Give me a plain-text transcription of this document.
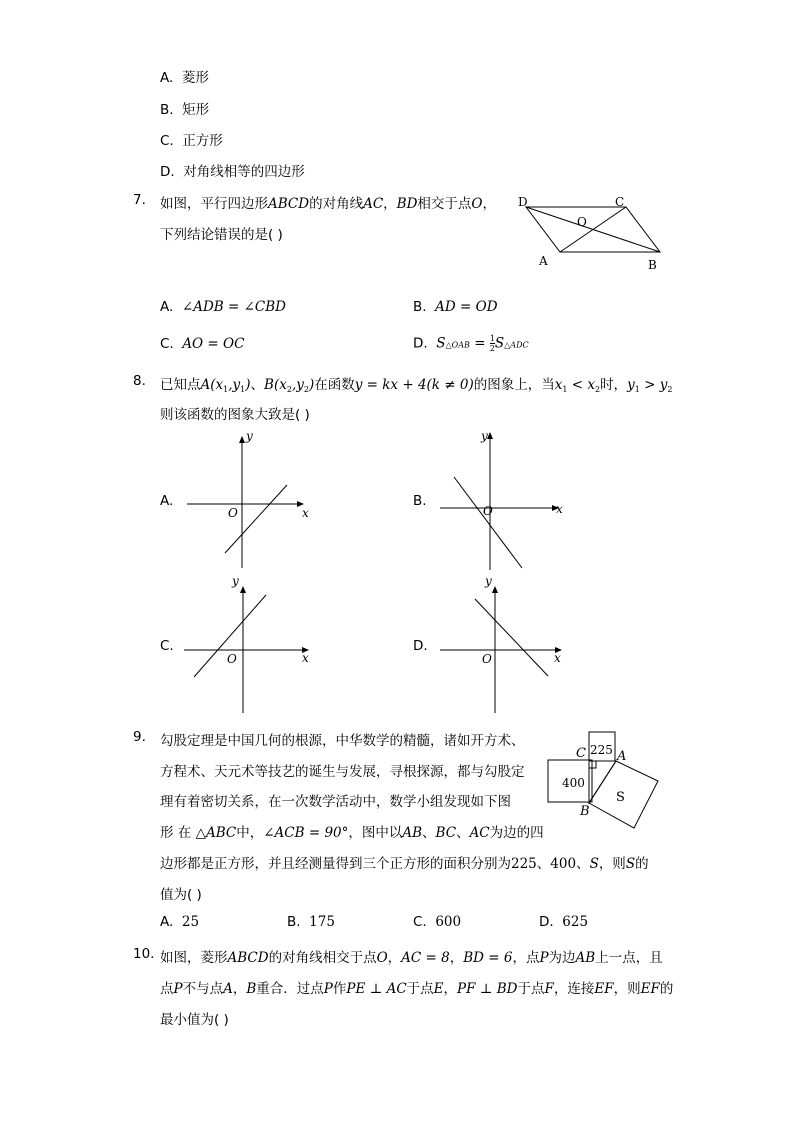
A. 菱形
B. 矩形
C. 正方形
D. 对角线相等的四边形
7. 如图，平行四边形ABCD的对角线AC，BD相交于点O，
下列结论错误的是( )
D	C
O
A	B
A. ∠ADB = ∠CBD	B. AD = OD
C. AO = OC	D. S△OAB = $\frac{1}{2}$ S△ADC
8. 已知点$A(x_1,y_1)$、$B(x_2,y_2)$在函数y = kx + 4(k ≠ 0)的图象上，当$x_1 < x_2$时，$y_1 > y_2$
则该函数的图象大致是( )
A.
y
x
O
B.
y
x
O
C.
y
x
O
D.
y
x
O
9. 勾股定理是中国几何的根源，中华数学的精髓，诸如开方术、
方程术、天元术等技艺的诞生与发展，寻根探源，都与勾股定
理有着密切关系，在一次数学活动中，数学小组发现如下图
形 在 △ABC中，∠ACB = 90°，图中以AB、BC、AC为边的四
边形都是正方形，并且经测量得到三个正方形的面积分别为225、400、S，则S的
值为( )
C 225 A
400
S
B
A. 25	B. 175	C. 600	D. 625
10. 如图，菱形ABCD的对角线相交于点O，AC = 8，BD = 6，点P为边AB上一点，且
点P不与点A，B重合．过点P作PE ⊥ AC于点E，PF ⊥ BD于点F，连接EF，则EF的
最小值为( )
